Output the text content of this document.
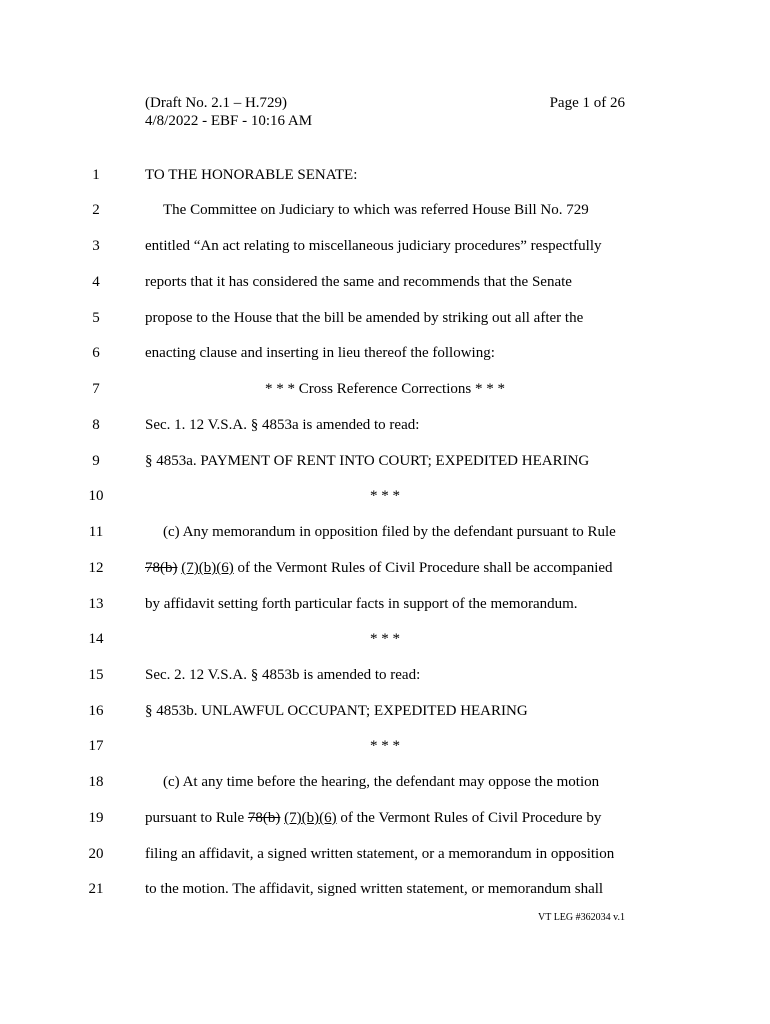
(Draft No. 2.1 – H.729)
4/8/2022 - EBF - 10:16 AM
Page 1 of 26
1	TO THE HONORABLE SENATE:
2	The Committee on Judiciary to which was referred House Bill No. 729
3	entitled “An act relating to miscellaneous judiciary procedures” respectfully
4	reports that it has considered the same and recommends that the Senate
5	propose to the House that the bill be amended by striking out all after the
6	enacting clause and inserting in lieu thereof the following:
7	* * * Cross Reference Corrections * * *
8	Sec. 1. 12 V.S.A. § 4853a is amended to read:
9	§ 4853a. PAYMENT OF RENT INTO COURT; EXPEDITED HEARING
10	* * *
11	(c) Any memorandum in opposition filed by the defendant pursuant to Rule
12	78(b) (7)(b)(6) of the Vermont Rules of Civil Procedure shall be accompanied
13	by affidavit setting forth particular facts in support of the memorandum.
14	* * *
15	Sec. 2. 12 V.S.A. § 4853b is amended to read:
16	§ 4853b. UNLAWFUL OCCUPANT; EXPEDITED HEARING
17	* * *
18	(c) At any time before the hearing, the defendant may oppose the motion
19	pursuant to Rule 78(b) (7)(b)(6) of the Vermont Rules of Civil Procedure by
20	filing an affidavit, a signed written statement, or a memorandum in opposition
21	to the motion. The affidavit, signed written statement, or memorandum shall
VT LEG #362034 v.1
